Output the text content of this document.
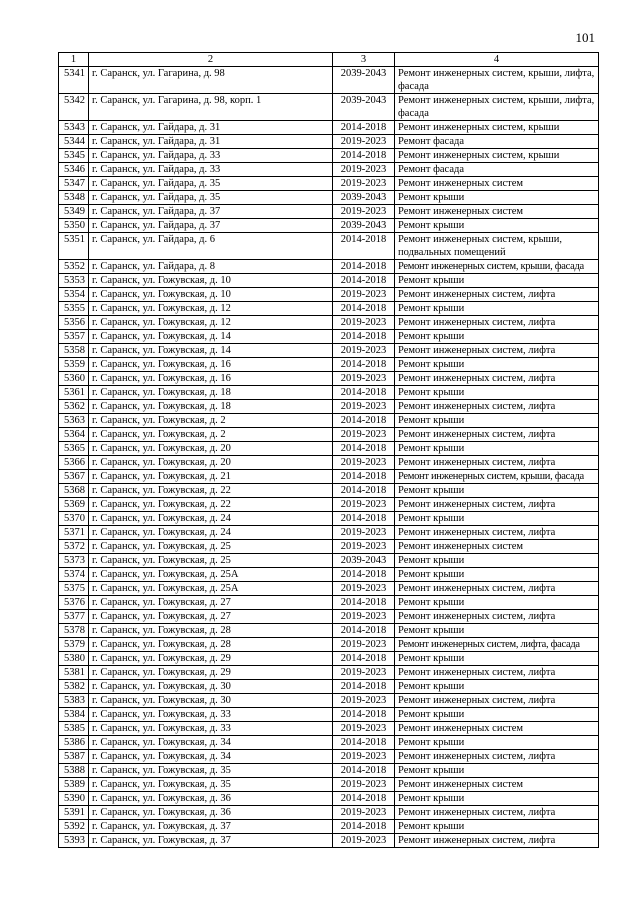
101
1	2	3	4
5341	г. Саранск, ул. Гагарина, д. 98	2039-2043	Ремонт инженерных систем, крыши, лифта, фасада
5342	г. Саранск, ул. Гагарина, д. 98, корп. 1	2039-2043	Ремонт инженерных систем, крыши, лифта, фасада
5343	г. Саранск, ул. Гайдара, д. 31	2014-2018	Ремонт инженерных систем, крыши
5344	г. Саранск, ул. Гайдара, д. 31	2019-2023	Ремонт фасада
5345	г. Саранск, ул. Гайдара, д. 33	2014-2018	Ремонт инженерных систем, крыши
5346	г. Саранск, ул. Гайдара, д. 33	2019-2023	Ремонт фасада
5347	г. Саранск, ул. Гайдара, д. 35	2019-2023	Ремонт инженерных систем
5348	г. Саранск, ул. Гайдара, д. 35	2039-2043	Ремонт крыши
5349	г. Саранск, ул. Гайдара, д. 37	2019-2023	Ремонт инженерных систем
5350	г. Саранск, ул. Гайдара, д. 37	2039-2043	Ремонт крыши
5351	г. Саранск, ул. Гайдара, д. 6	2014-2018	Ремонт инженерных систем, крыши, подвальных помещений
5352	г. Саранск, ул. Гайдара, д. 8	2014-2018	Ремонт инженерных систем, крыши, фасада
5353	г. Саранск, ул. Гожувская, д. 10	2014-2018	Ремонт крыши
5354	г. Саранск, ул. Гожувская, д. 10	2019-2023	Ремонт инженерных систем, лифта
5355	г. Саранск, ул. Гожувская, д. 12	2014-2018	Ремонт крыши
5356	г. Саранск, ул. Гожувская, д. 12	2019-2023	Ремонт инженерных систем, лифта
5357	г. Саранск, ул. Гожувская, д. 14	2014-2018	Ремонт крыши
5358	г. Саранск, ул. Гожувская, д. 14	2019-2023	Ремонт инженерных систем, лифта
5359	г. Саранск, ул. Гожувская, д. 16	2014-2018	Ремонт крыши
5360	г. Саранск, ул. Гожувская, д. 16	2019-2023	Ремонт инженерных систем, лифта
5361	г. Саранск, ул. Гожувская, д. 18	2014-2018	Ремонт крыши
5362	г. Саранск, ул. Гожувская, д. 18	2019-2023	Ремонт инженерных систем, лифта
5363	г. Саранск, ул. Гожувская, д. 2	2014-2018	Ремонт крыши
5364	г. Саранск, ул. Гожувская, д. 2	2019-2023	Ремонт инженерных систем, лифта
5365	г. Саранск, ул. Гожувская, д. 20	2014-2018	Ремонт крыши
5366	г. Саранск, ул. Гожувская, д. 20	2019-2023	Ремонт инженерных систем, лифта
5367	г. Саранск, ул. Гожувская, д. 21	2014-2018	Ремонт инженерных систем, крыши, фасада
5368	г. Саранск, ул. Гожувская, д. 22	2014-2018	Ремонт крыши
5369	г. Саранск, ул. Гожувская, д. 22	2019-2023	Ремонт инженерных систем, лифта
5370	г. Саранск, ул. Гожувская, д. 24	2014-2018	Ремонт крыши
5371	г. Саранск, ул. Гожувская, д. 24	2019-2023	Ремонт инженерных систем, лифта
5372	г. Саранск, ул. Гожувская, д. 25	2019-2023	Ремонт инженерных систем
5373	г. Саранск, ул. Гожувская, д. 25	2039-2043	Ремонт крыши
5374	г. Саранск, ул. Гожувская, д. 25А	2014-2018	Ремонт крыши
5375	г. Саранск, ул. Гожувская, д. 25А	2019-2023	Ремонт инженерных систем, лифта
5376	г. Саранск, ул. Гожувская, д. 27	2014-2018	Ремонт крыши
5377	г. Саранск, ул. Гожувская, д. 27	2019-2023	Ремонт инженерных систем, лифта
5378	г. Саранск, ул. Гожувская, д. 28	2014-2018	Ремонт крыши
5379	г. Саранск, ул. Гожувская, д. 28	2019-2023	Ремонт инженерных систем, лифта, фасада
5380	г. Саранск, ул. Гожувская, д. 29	2014-2018	Ремонт крыши
5381	г. Саранск, ул. Гожувская, д. 29	2019-2023	Ремонт инженерных систем, лифта
5382	г. Саранск, ул. Гожувская, д. 30	2014-2018	Ремонт крыши
5383	г. Саранск, ул. Гожувская, д. 30	2019-2023	Ремонт инженерных систем, лифта
5384	г. Саранск, ул. Гожувская, д. 33	2014-2018	Ремонт крыши
5385	г. Саранск, ул. Гожувская, д. 33	2019-2023	Ремонт инженерных систем
5386	г. Саранск, ул. Гожувская, д. 34	2014-2018	Ремонт крыши
5387	г. Саранск, ул. Гожувская, д. 34	2019-2023	Ремонт инженерных систем, лифта
5388	г. Саранск, ул. Гожувская, д. 35	2014-2018	Ремонт крыши
5389	г. Саранск, ул. Гожувская, д. 35	2019-2023	Ремонт инженерных систем
5390	г. Саранск, ул. Гожувская, д. 36	2014-2018	Ремонт крыши
5391	г. Саранск, ул. Гожувская, д. 36	2019-2023	Ремонт инженерных систем, лифта
5392	г. Саранск, ул. Гожувская, д. 37	2014-2018	Ремонт крыши
5393	г. Саранск, ул. Гожувская, д. 37	2019-2023	Ремонт инженерных систем, лифта
